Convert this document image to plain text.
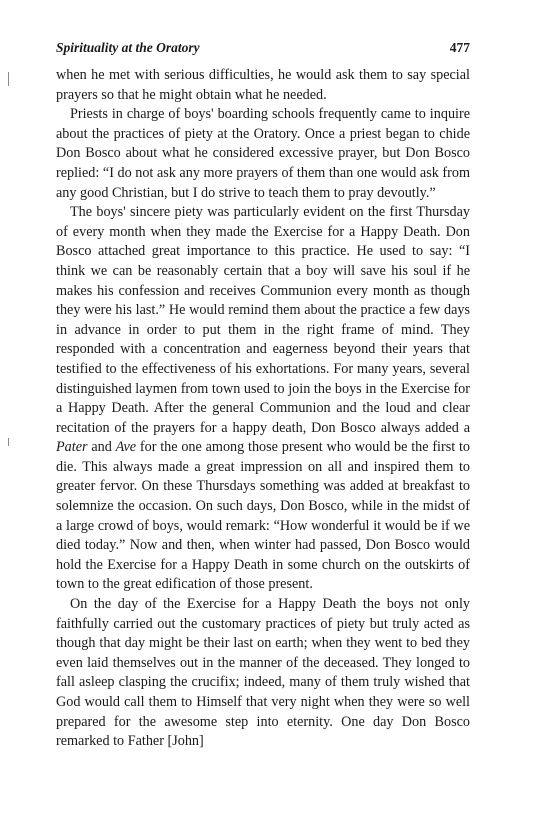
Spirituality at the Oratory	477

when he met with serious difficulties, he would ask them to say special prayers so that he might obtain what he needed.

Priests in charge of boys' boarding schools frequently came to inquire about the practices of piety at the Oratory. Once a priest began to chide Don Bosco about what he considered excessive prayer, but Don Bosco replied: “I do not ask any more prayers of them than one would ask from any good Christian, but I do strive to teach them to pray devoutly.”

The boys' sincere piety was particularly evident on the first Thursday of every month when they made the Exercise for a Happy Death. Don Bosco attached great importance to this practice. He used to say: “I think we can be reasonably certain that a boy will save his soul if he makes his confession and receives Communion every month as though they were his last.” He would remind them about the practice a few days in advance in order to put them in the right frame of mind. They responded with a concentration and eagerness beyond their years that testified to the effectiveness of his exhortations. For many years, several distinguished laymen from town used to join the boys in the Exercise for a Happy Death. After the general Communion and the loud and clear recitation of the prayers for a happy death, Don Bosco always added a Pater and Ave for the one among those present who would be the first to die. This always made a great impression on all and inspired them to greater fervor. On these Thursdays something was added at breakfast to solemnize the occasion. On such days, Don Bosco, while in the midst of a large crowd of boys, would remark: “How wonderful it would be if we died today.” Now and then, when winter had passed, Don Bosco would hold the Exercise for a Happy Death in some church on the outskirts of town to the great edification of those present.

On the day of the Exercise for a Happy Death the boys not only faithfully carried out the customary practices of piety but truly acted as though that day might be their last on earth; when they went to bed they even laid themselves out in the manner of the deceased. They longed to fall asleep clasping the crucifix; indeed, many of them truly wished that God would call them to Himself that very night when they were so well prepared for the awesome step into eternity. One day Don Bosco remarked to Father [John]
